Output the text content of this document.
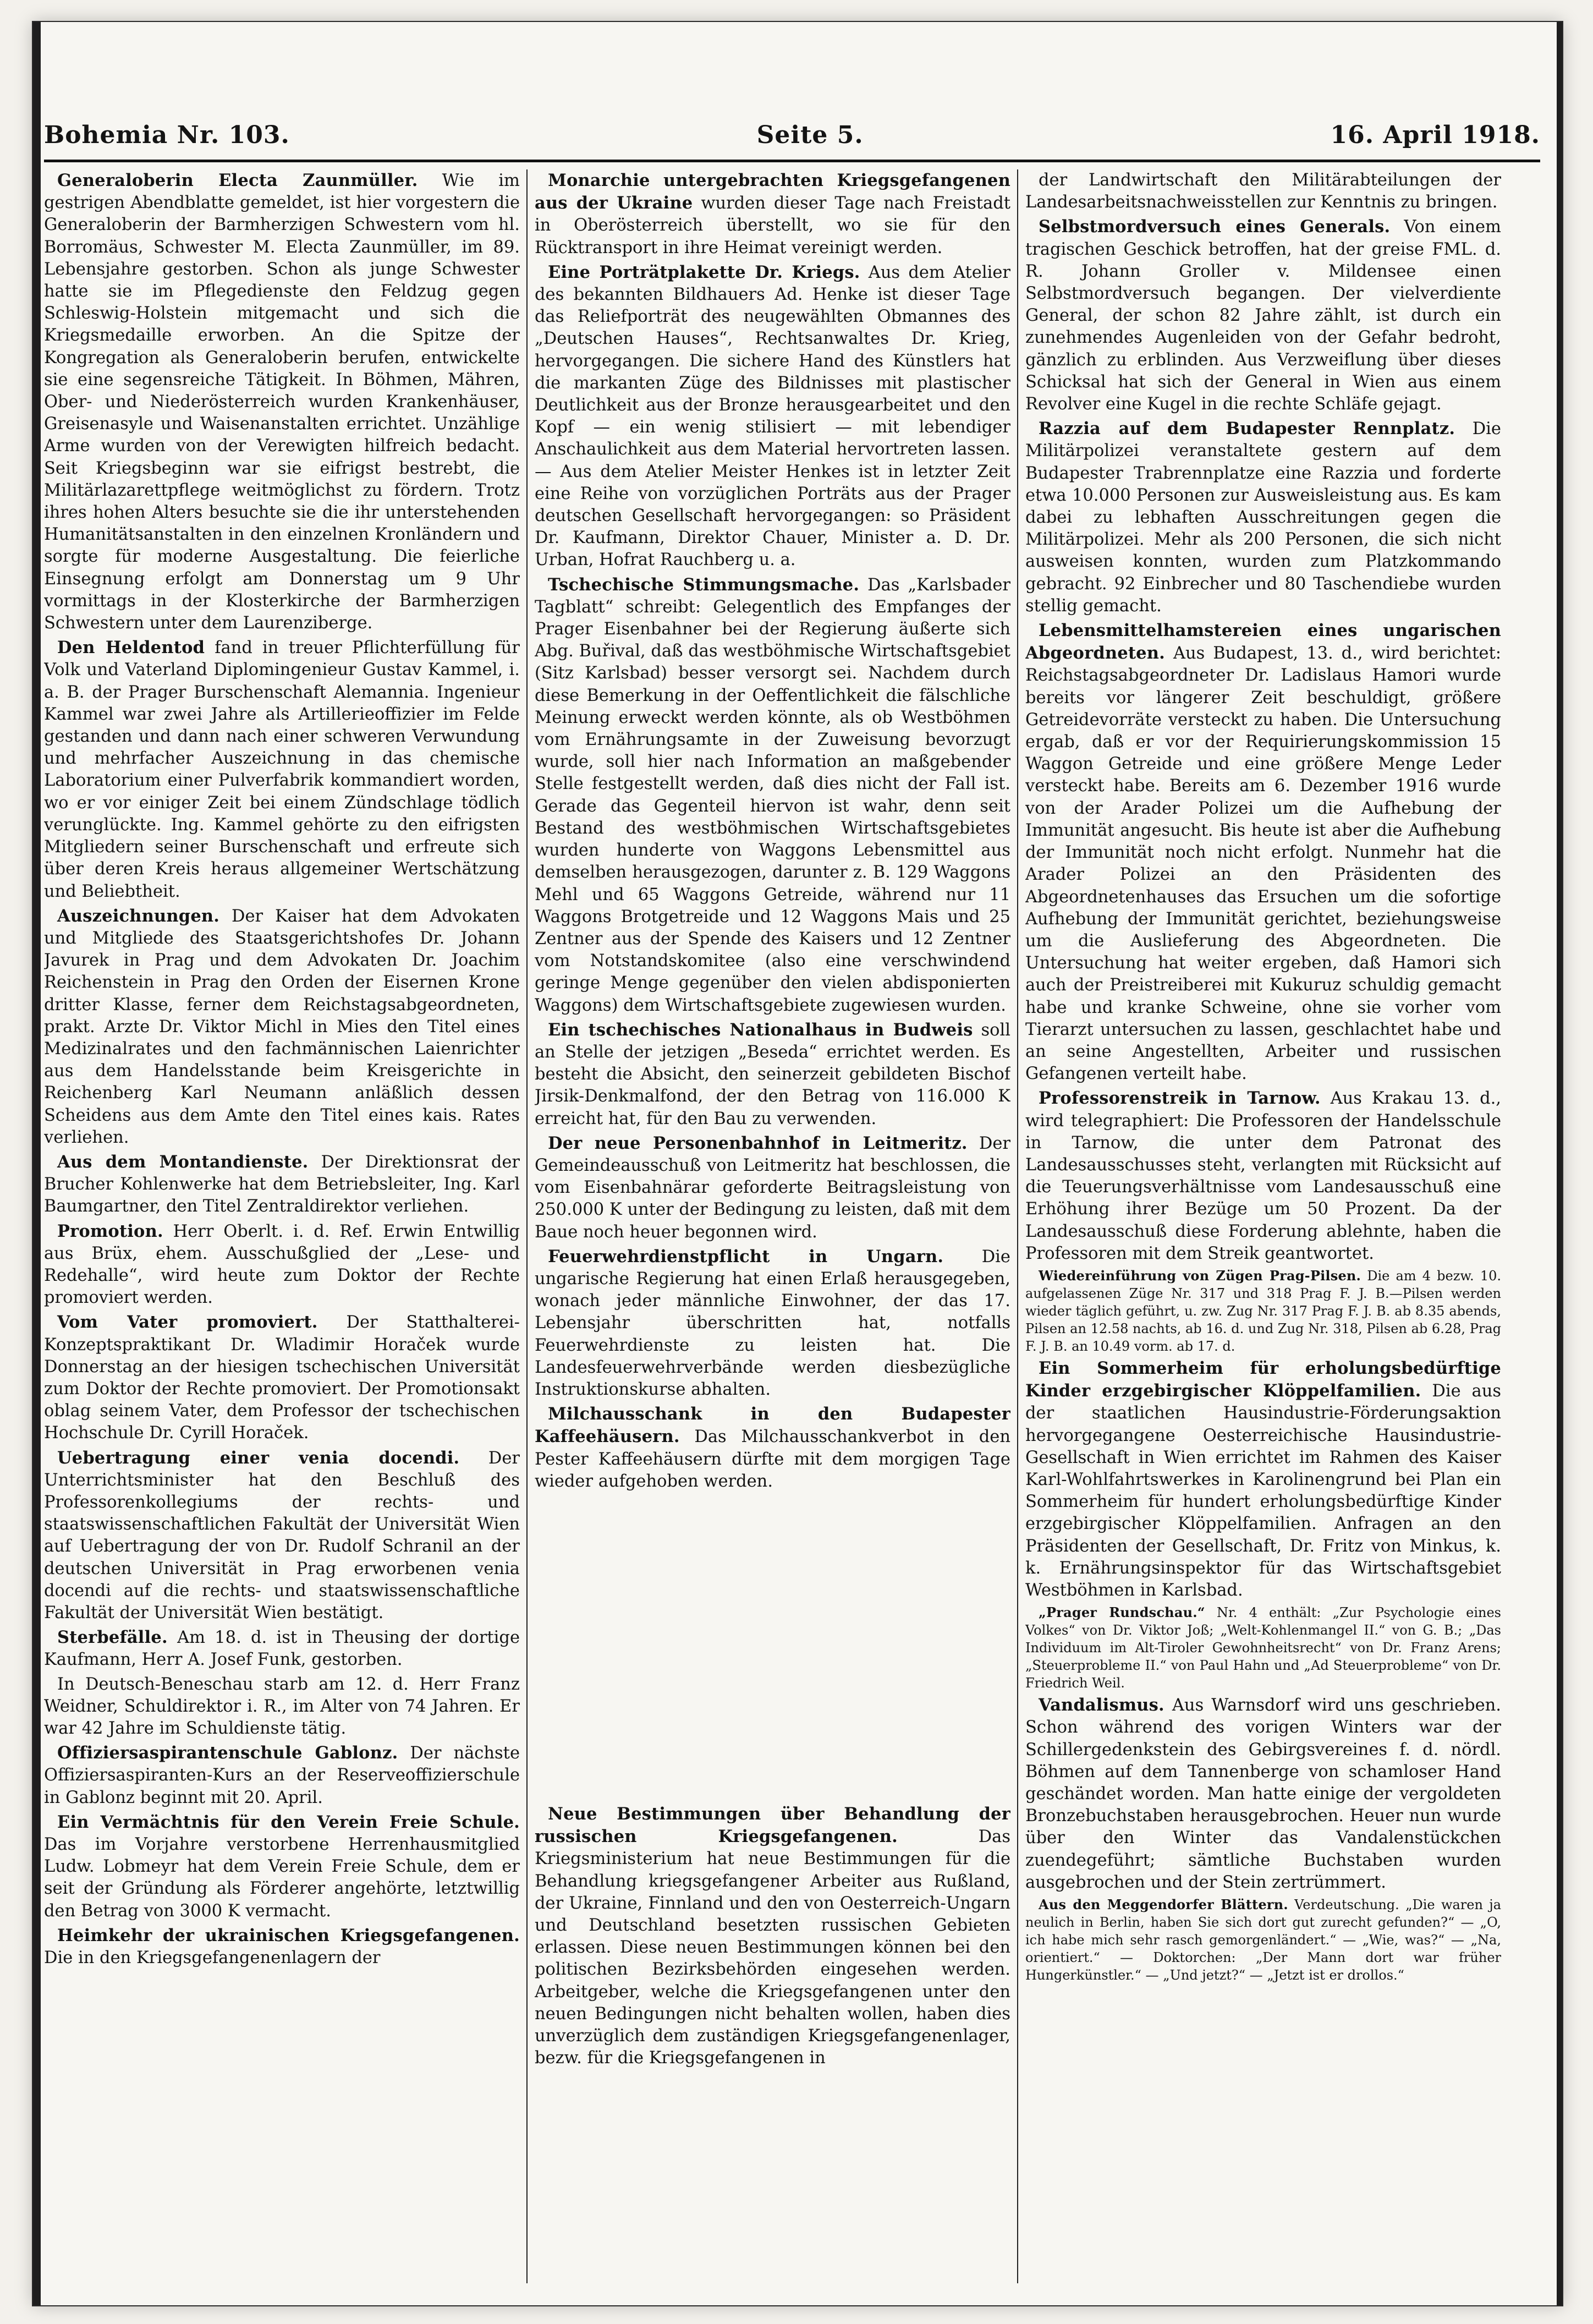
Bohemia Nr. 103.	Seite 5.	16. April 1918.

Generaloberin Electa Zaunmüller. Wie im gestrigen Abendblatte gemeldet, ist hier vorgestern die Generaloberin der Barmherzigen Schwestern vom hl. Borromäus, Schwester M. Electa Zaunmüller, im 89. Lebensjahre gestorben. Schon als junge Schwester hatte sie im Pflegedienste den Feldzug gegen Schleswig-Holstein mitgemacht und sich die Kriegsmedaille erworben. An die Spitze der Kongregation als Generaloberin berufen, entwickelte sie eine segensreiche Tätigkeit. In Böhmen, Mähren, Ober- und Niederösterreich wurden Krankenhäuser, Greisenasyle und Waisenanstalten errichtet. Unzählige Arme wurden von der Verewigten hilfreich bedacht. Seit Kriegsbeginn war sie eifrigst bestrebt, die Militärlazarettpflege weitmöglichst zu fördern. Trotz ihres hohen Alters besuchte sie die ihr unterstehenden Humanitätsanstalten in den einzelnen Kronländern und sorgte für moderne Ausgestaltung. Die feierliche Einsegnung erfolgt am Donnerstag um 9 Uhr vormittags in der Klosterkirche der Barmherzigen Schwestern unter dem Laurenziberge.

Den Heldentod fand in treuer Pflichterfüllung für Volk und Vaterland Diplomingenieur Gustav Kammel, i. a. B. der Prager Burschenschaft Alemannia. Ingenieur Kammel war zwei Jahre als Artillerieoffizier im Felde gestanden und dann nach einer schweren Verwundung und mehrfacher Auszeichnung in das chemische Laboratorium einer Pulverfabrik kommandiert worden, wo er vor einiger Zeit bei einem Zündschlage tödlich verunglückte. Ing. Kammel gehörte zu den eifrigsten Mitgliedern seiner Burschenschaft und erfreute sich über deren Kreis heraus allgemeiner Wertschätzung und Beliebtheit.

Auszeichnungen. Der Kaiser hat dem Advokaten und Mitgliede des Staatsgerichtshofes Dr. Johann Javurek in Prag und dem Advokaten Dr. Joachim Reichenstein in Prag den Orden der Eisernen Krone dritter Klasse, ferner dem Reichstagsabgeordneten, prakt. Arzte Dr. Viktor Michl in Mies den Titel eines Medizinalrates und den fachmännischen Laienrichter aus dem Handelsstande beim Kreisgerichte in Reichenberg Karl Neumann anläßlich dessen Scheidens aus dem Amte den Titel eines kais. Rates verliehen.

Aus dem Montandienste. Der Direktionsrat der Brucher Kohlenwerke hat dem Betriebsleiter, Ing. Karl Baumgartner, den Titel Zentraldirektor verliehen.

Promotion. Herr Oberlt. i. d. Ref. Erwin Entwillig aus Brüx, ehem. Ausschußglied der „Lese- und Redehalle“, wird heute zum Doktor der Rechte promoviert werden.

Vom Vater promoviert. Der Statthalterei-Konzeptspraktikant Dr. Wladimir Horaček wurde Donnerstag an der hiesigen tschechischen Universität zum Doktor der Rechte promoviert. Der Promotionsakt oblag seinem Vater, dem Professor der tschechischen Hochschule Dr. Cyrill Horaček.

Uebertragung einer venia docendi. Der Unterrichtsminister hat den Beschluß des Professorenkollegiums der rechts- und staatswissenschaftlichen Fakultät der Universität Wien auf Uebertragung der von Dr. Rudolf Schranil an der deutschen Universität in Prag erworbenen venia docendi auf die rechts- und staatswissenschaftliche Fakultät der Universität Wien bestätigt.

Sterbefälle. Am 18. d. ist in Theusing der dortige Kaufmann, Herr A. Josef Funk, gestorben.

In Deutsch-Beneschau starb am 12. d. Herr Franz Weidner, Schuldirektor i. R., im Alter von 74 Jahren. Er war 42 Jahre im Schuldienste tätig.

Offiziersaspirantenschule Gablonz. Der nächste Offiziersaspiranten-Kurs an der Reserveoffizierschule in Gablonz beginnt mit 20. April.

Ein Vermächtnis für den Verein Freie Schule. Das im Vorjahre verstorbene Herrenhausmitglied Ludw. Lobmeyr hat dem Verein Freie Schule, dem er seit der Gründung als Förderer angehörte, letztwillig den Betrag von 3000 K vermacht.

Heimkehr der ukrainischen Kriegsgefangenen. Die in den Kriegsgefangenenlagern der

Monarchie untergebrachten Kriegsgefangenen aus der Ukraine wurden dieser Tage nach Freistadt in Oberösterreich überstellt, wo sie für den Rücktransport in ihre Heimat vereinigt werden.

Eine Porträtplakette Dr. Kriegs. Aus dem Atelier des bekannten Bildhauers Ad. Henke ist dieser Tage das Reliefporträt des neugewählten Obmannes des „Deutschen Hauses“, Rechtsanwaltes Dr. Krieg, hervorgegangen. Die sichere Hand des Künstlers hat die markanten Züge des Bildnisses mit plastischer Deutlichkeit aus der Bronze herausgearbeitet und den Kopf — ein wenig stilisiert — mit lebendiger Anschaulichkeit aus dem Material hervortreten lassen. — Aus dem Atelier Meister Henkes ist in letzter Zeit eine Reihe von vorzüglichen Porträts aus der Prager deutschen Gesellschaft hervorgegangen: so Präsident Dr. Kaufmann, Direktor Chauer, Minister a. D. Dr. Urban, Hofrat Rauchberg u. a.

Tschechische Stimmungsmache. Das „Karlsbader Tagblatt“ schreibt: Gelegentlich des Empfanges der Prager Eisenbahner bei der Regierung äußerte sich Abg. Buřival, daß das westböhmische Wirtschaftsgebiet (Sitz Karlsbad) besser versorgt sei. Nachdem durch diese Bemerkung in der Oeffentlichkeit die fälschliche Meinung erweckt werden könnte, als ob Westböhmen vom Ernährungsamte in der Zuweisung bevorzugt wurde, soll hier nach Information an maßgebender Stelle festgestellt werden, daß dies nicht der Fall ist. Gerade das Gegenteil hiervon ist wahr, denn seit Bestand des westböhmischen Wirtschaftsgebietes wurden hunderte von Waggons Lebensmittel aus demselben herausgezogen, darunter z. B. 129 Waggons Mehl und 65 Waggons Getreide, während nur 11 Waggons Brotgetreide und 12 Waggons Mais und 25 Zentner aus der Spende des Kaisers und 12 Zentner vom Notstandskomitee (also eine verschwindend geringe Menge gegenüber den vielen abdisponierten Waggons) dem Wirtschaftsgebiete zugewiesen wurden.

Ein tschechisches Nationalhaus in Budweis soll an Stelle der jetzigen „Beseda“ errichtet werden. Es besteht die Absicht, den seinerzeit gebildeten Bischof Jirsik-Denkmalfond, der den Betrag von 116.000 K erreicht hat, für den Bau zu verwenden.

Der neue Personenbahnhof in Leitmeritz. Der Gemeindeausschuß von Leitmeritz hat beschlossen, die vom Eisenbahnärar geforderte Beitragsleistung von 250.000 K unter der Bedingung zu leisten, daß mit dem Baue noch heuer begonnen wird.

Feuerwehrdienstpflicht in Ungarn. Die ungarische Regierung hat einen Erlaß herausgegeben, wonach jeder männliche Einwohner, der das 17. Lebensjahr überschritten hat, notfalls Feuerwehrdienste zu leisten hat. Die Landesfeuerwehrverbände werden diesbezügliche Instruktionskurse abhalten.

Milchausschank in den Budapester Kaffeehäusern. Das Milchausschankverbot in den Pester Kaffeehäusern dürfte mit dem morgigen Tage wieder aufgehoben werden.

Neue Bestimmungen über Behandlung der russischen Kriegsgefangenen.	Das Kriegsministerium hat neue Bestimmungen für die Behandlung kriegsgefangener Arbeiter aus Rußland, der Ukraine, Finnland und den von Oesterreich-Ungarn und Deutschland besetzten russischen Gebieten erlassen. Diese neuen Bestimmungen können bei den politischen Bezirksbehörden eingesehen werden. Arbeitgeber, welche die Kriegsgefangenen unter den neuen Bedingungen nicht behalten wollen, haben dies unverzüglich dem zuständigen Kriegsgefangenenlager, bezw. für die Kriegsgefangenen in

der Landwirtschaft den Militärabteilungen der Landesarbeitsnachweisstellen zur Kenntnis zu bringen.

Selbstmordversuch eines Generals. Von einem tragischen Geschick betroffen, hat der greise FML. d. R. Johann Groller v. Mildensee einen Selbstmordversuch begangen. Der vielverdiente General, der schon 82 Jahre zählt, ist durch ein zunehmendes Augenleiden von der Gefahr bedroht, gänzlich zu erblinden. Aus Verzweiflung über dieses Schicksal hat sich der General in Wien aus einem Revolver eine Kugel in die rechte Schläfe gejagt.

Razzia auf dem Budapester Rennplatz. Die Militärpolizei veranstaltete gestern auf dem Budapester Trabrennplatze eine Razzia und forderte etwa 10.000 Personen zur Ausweisleistung aus. Es kam dabei zu lebhaften Ausschreitungen gegen die Militärpolizei. Mehr als 200 Personen, die sich nicht ausweisen konnten, wurden zum Platzkommando gebracht. 92 Einbrecher und 80 Taschendiebe wurden stellig gemacht.

Lebensmittelhamstereien eines ungarischen Abgeordneten. Aus Budapest, 13. d., wird berichtet: Reichstagsabgeordneter Dr. Ladislaus Hamori wurde bereits vor längerer Zeit beschuldigt, größere Getreidevorräte versteckt zu haben. Die Untersuchung ergab, daß er vor der Requirierungskommission 15 Waggon Getreide und eine größere Menge Leder versteckt habe. Bereits am 6. Dezember 1916 wurde von der Arader Polizei um die Aufhebung der Immunität angesucht. Bis heute ist aber die Aufhebung der Immunität noch nicht erfolgt. Nunmehr hat die Arader Polizei an den Präsidenten des Abgeordnetenhauses das Ersuchen um die sofortige Aufhebung der Immunität gerichtet, beziehungsweise um die Auslieferung des Abgeordneten. Die Untersuchung hat weiter ergeben, daß Hamori sich auch der Preistreiberei mit Kukuruz schuldig gemacht habe und kranke Schweine, ohne sie vorher vom Tierarzt untersuchen zu lassen, geschlachtet habe und an seine Angestellten, Arbeiter und russischen Gefangenen verteilt habe.

Professorenstreik in Tarnow. Aus Krakau 13. d., wird telegraphiert: Die Professoren der Handelsschule in Tarnow, die unter dem Patronat des Landesausschusses steht, verlangten mit Rücksicht auf die Teuerungsverhältnisse vom Landesausschuß eine Erhöhung ihrer Bezüge um 50 Prozent. Da der Landesausschuß diese Forderung ablehnte, haben die Professoren mit dem Streik geantwortet.

Wiedereinführung von Zügen Prag-Pilsen. Die am 4 bezw. 10. aufgelassenen Züge Nr. 317 und 318 Prag F. J. B.—Pilsen werden wieder täglich geführt, u. zw. Zug Nr. 317 Prag F. J. B. ab 8.35 abends, Pilsen an 12.58 nachts, ab 16. d. und Zug Nr. 318, Pilsen ab 6.28, Prag F. J. B. an 10.49 vorm. ab 17. d.

Ein Sommerheim für erholungsbedürftige Kinder erzgebirgischer Klöppelfamilien. Die aus der staatlichen Hausindustrie-Förderungsaktion hervorgegangene Oesterreichische Hausindustrie-Gesellschaft in Wien errichtet im Rahmen des Kaiser Karl-Wohlfahrtswerkes in Karolinengrund bei Plan ein Sommerheim für hundert erholungsbedürftige Kinder erzgebirgischer Klöppelfamilien. Anfragen an den Präsidenten der Gesellschaft, Dr. Fritz von Minkus, k. k. Ernährungsinspektor für das Wirtschaftsgebiet Westböhmen in Karlsbad.

„Prager Rundschau.“ Nr. 4 enthält: „Zur Psychologie eines Volkes“ von Dr. Viktor Joß; „Welt-Kohlenmangel II.“ von G. B.; „Das Individuum im Alt-Tiroler Gewohnheitsrecht“ von Dr. Franz Arens; „Steuerprobleme II.“ von Paul Hahn und „Ad Steuerprobleme“ von Dr. Friedrich Weil.

Vandalismus. Aus Warnsdorf wird uns geschrieben. Schon während des vorigen Winters war der Schillergedenkstein des Gebirgsvereines f. d. nördl. Böhmen auf dem Tannenberge von schamloser Hand geschändet worden. Man hatte einige der vergoldeten Bronzebuchstaben herausgebrochen. Heuer nun wurde über den Winter das Vandalenstückchen zuendegeführt; sämtliche Buchstaben wurden ausgebrochen und der Stein zertrümmert.

Aus den Meggendorfer Blättern. Verdeutschung. „Die waren ja neulich in Berlin, haben Sie sich dort gut zurecht gefunden?“ — „O, ich habe mich sehr rasch gemorgenländert.“ — „Wie, was?“ — „Na, orientiert.“ — Doktorchen: „Der Mann dort war früher Hungerkünstler.“ — „Und jetzt?“ — „Jetzt ist er drollos.“
